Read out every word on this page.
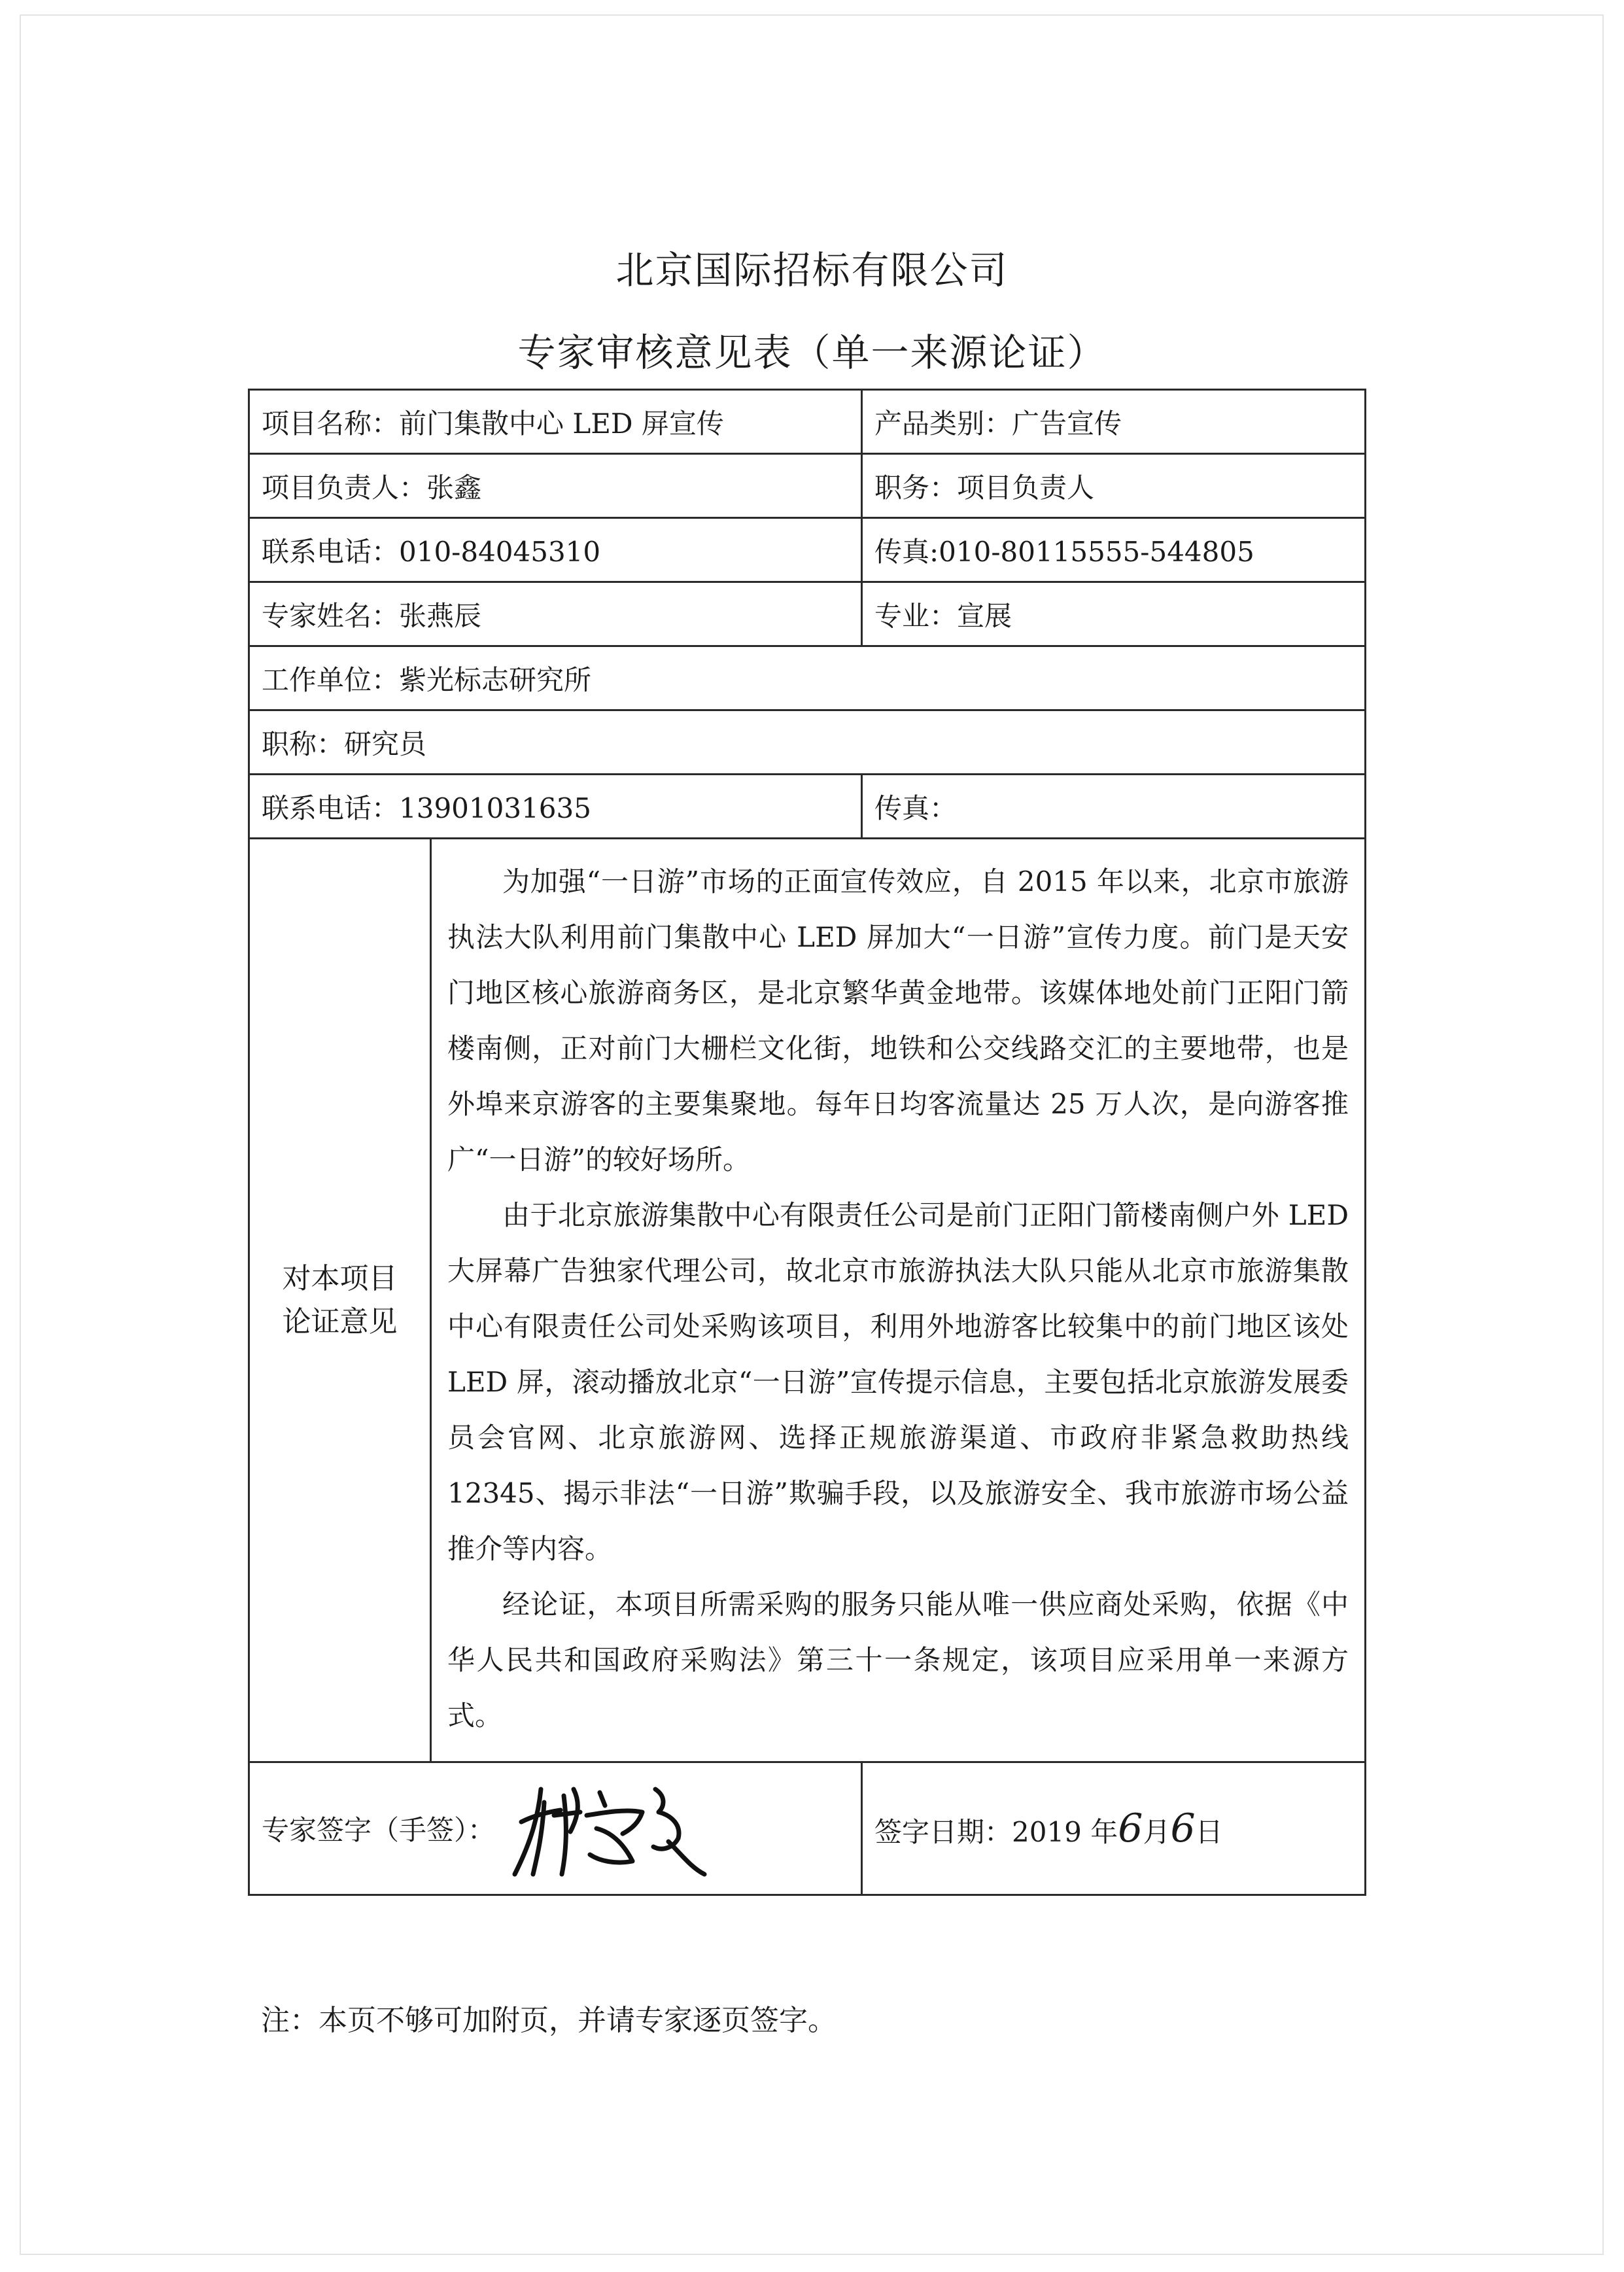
北京国际招标有限公司
专家审核意见表（单一来源论证）
项目名称：前门集散中心 LED 屏宣传		产品类别：广告宣传
项目负责人：张鑫		职务：项目负责人
联系电话：010-84045310		传真:010-80115555-544805
专家姓名：张燕辰		专业：宣展
工作单位：紫光标志研究所		
职称：研究员		
联系电话：13901031635		传真：

对本项目论证意见	为加强“一日游”市场的正面宣传效应，自 2015 年以来，北京市旅游执法大队利用前门集散中心 LED 屏加大“一日游”宣传力度。前门是天安门地区核心旅游商务区，是北京繁华黄金地带。该媒体地处前门正阳门箭楼南侧，正对前门大栅栏文化街，地铁和公交线路交汇的主要地带，也是外埠来京游客的主要集聚地。每年日均客流量达 25 万人次，是向游客推广“一日游”的较好场所。

由于北京旅游集散中心有限责任公司是前门正阳门箭楼南侧户外 LED 大屏幕广告独家代理公司，故北京市旅游执法大队只能从北京市旅游集散中心有限责任公司处采购该项目，利用外地游客比较集中的前门地区该处 LED 屏，滚动播放北京“一日游”宣传提示信息，主要包括北京旅游发展委员会官网、北京旅游网、选择正规旅游渠道、市政府非紧急救助热线 12345、揭示非法“一日游”欺骗手段，以及旅游安全、我市旅游市场公益推介等内容。

经论证，本项目所需采购的服务只能从唯一供应商处采购，依据《中华人民共和国政府采购法》第三十一条规定，该项目应采用单一来源方式。	

专家签字（手签）：		签字日期：2019 年6月6日
注：本页不够可加附页，并请专家逐页签字。
